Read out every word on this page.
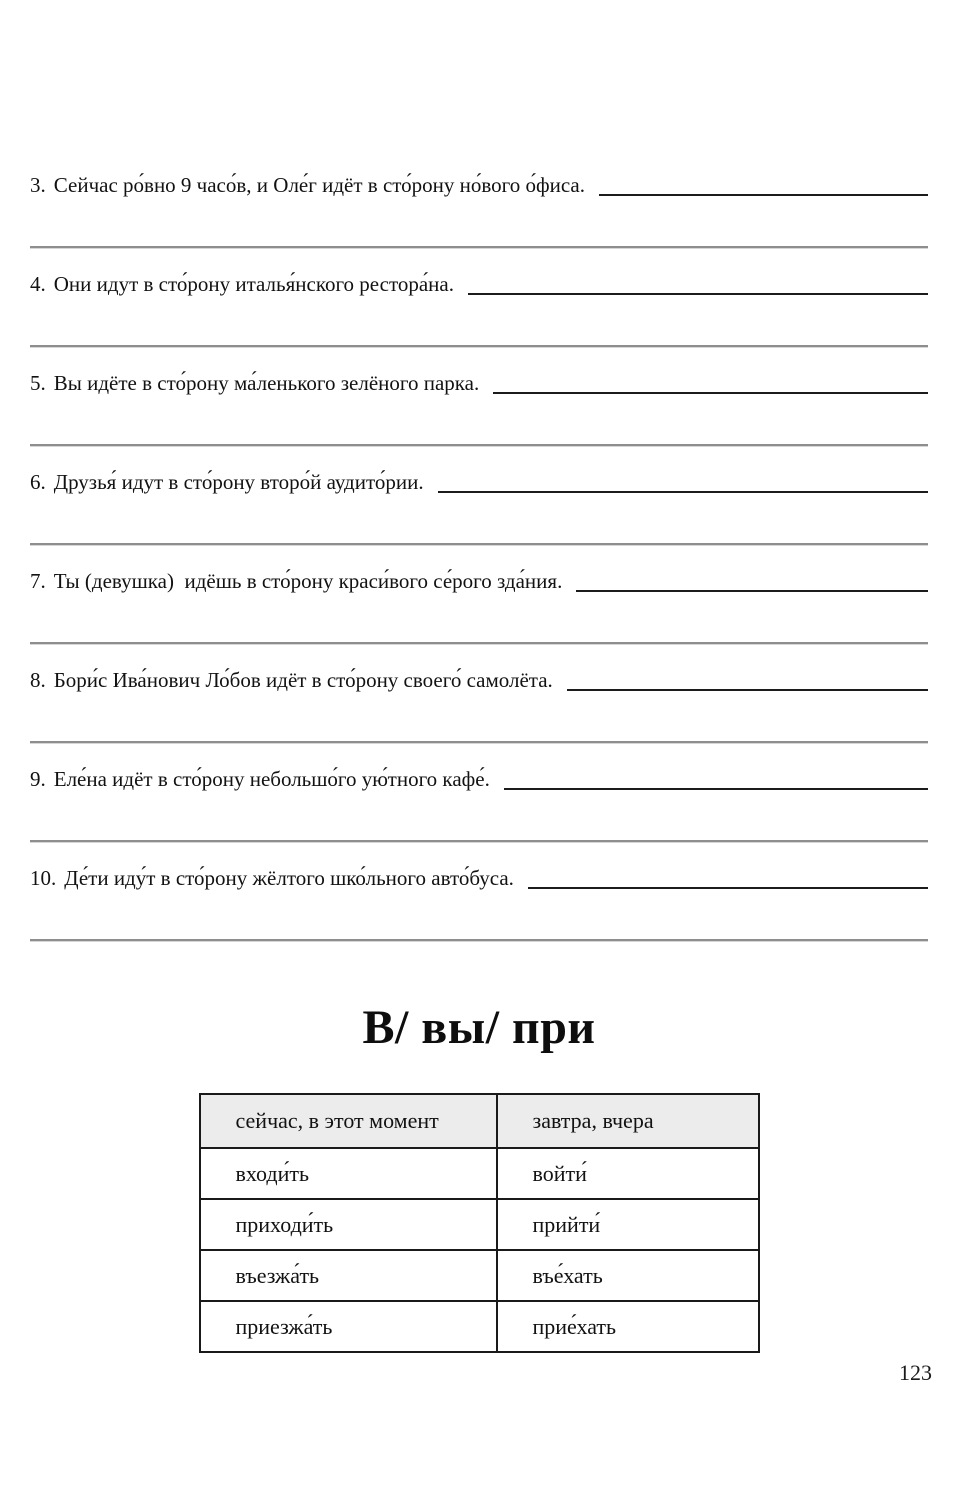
3. Сейчас ро́вно 9 часо́в, и Оле́г идёт в сто́рону но́вого о́фиса.
4. Они идут в сто́рону италья́нского рестора́на.
5. Вы идёте в сто́рону ма́ленького зелёного парка.
6. Друзья́ идут в сто́рону второ́й аудито́рии.
7. Ты (девушка)  идёшь в сто́рону краси́вого се́рого зда́ния.
8. Бори́с Ива́нович Ло́бов идёт в сто́рону своего́ самолёта.
9. Еле́на идёт в сто́рону небольшо́го ую́тного кафе́.
10. Де́ти иду́т в сто́рону жёлтого шко́льного авто́буса.
В/ вы/ при
сейчас, в этот момент	завтра, вчера
входи́ть	войти́
приходи́ть	прийти́
въезжа́ть	въе́хать
приезжа́ть	прие́хать
123
